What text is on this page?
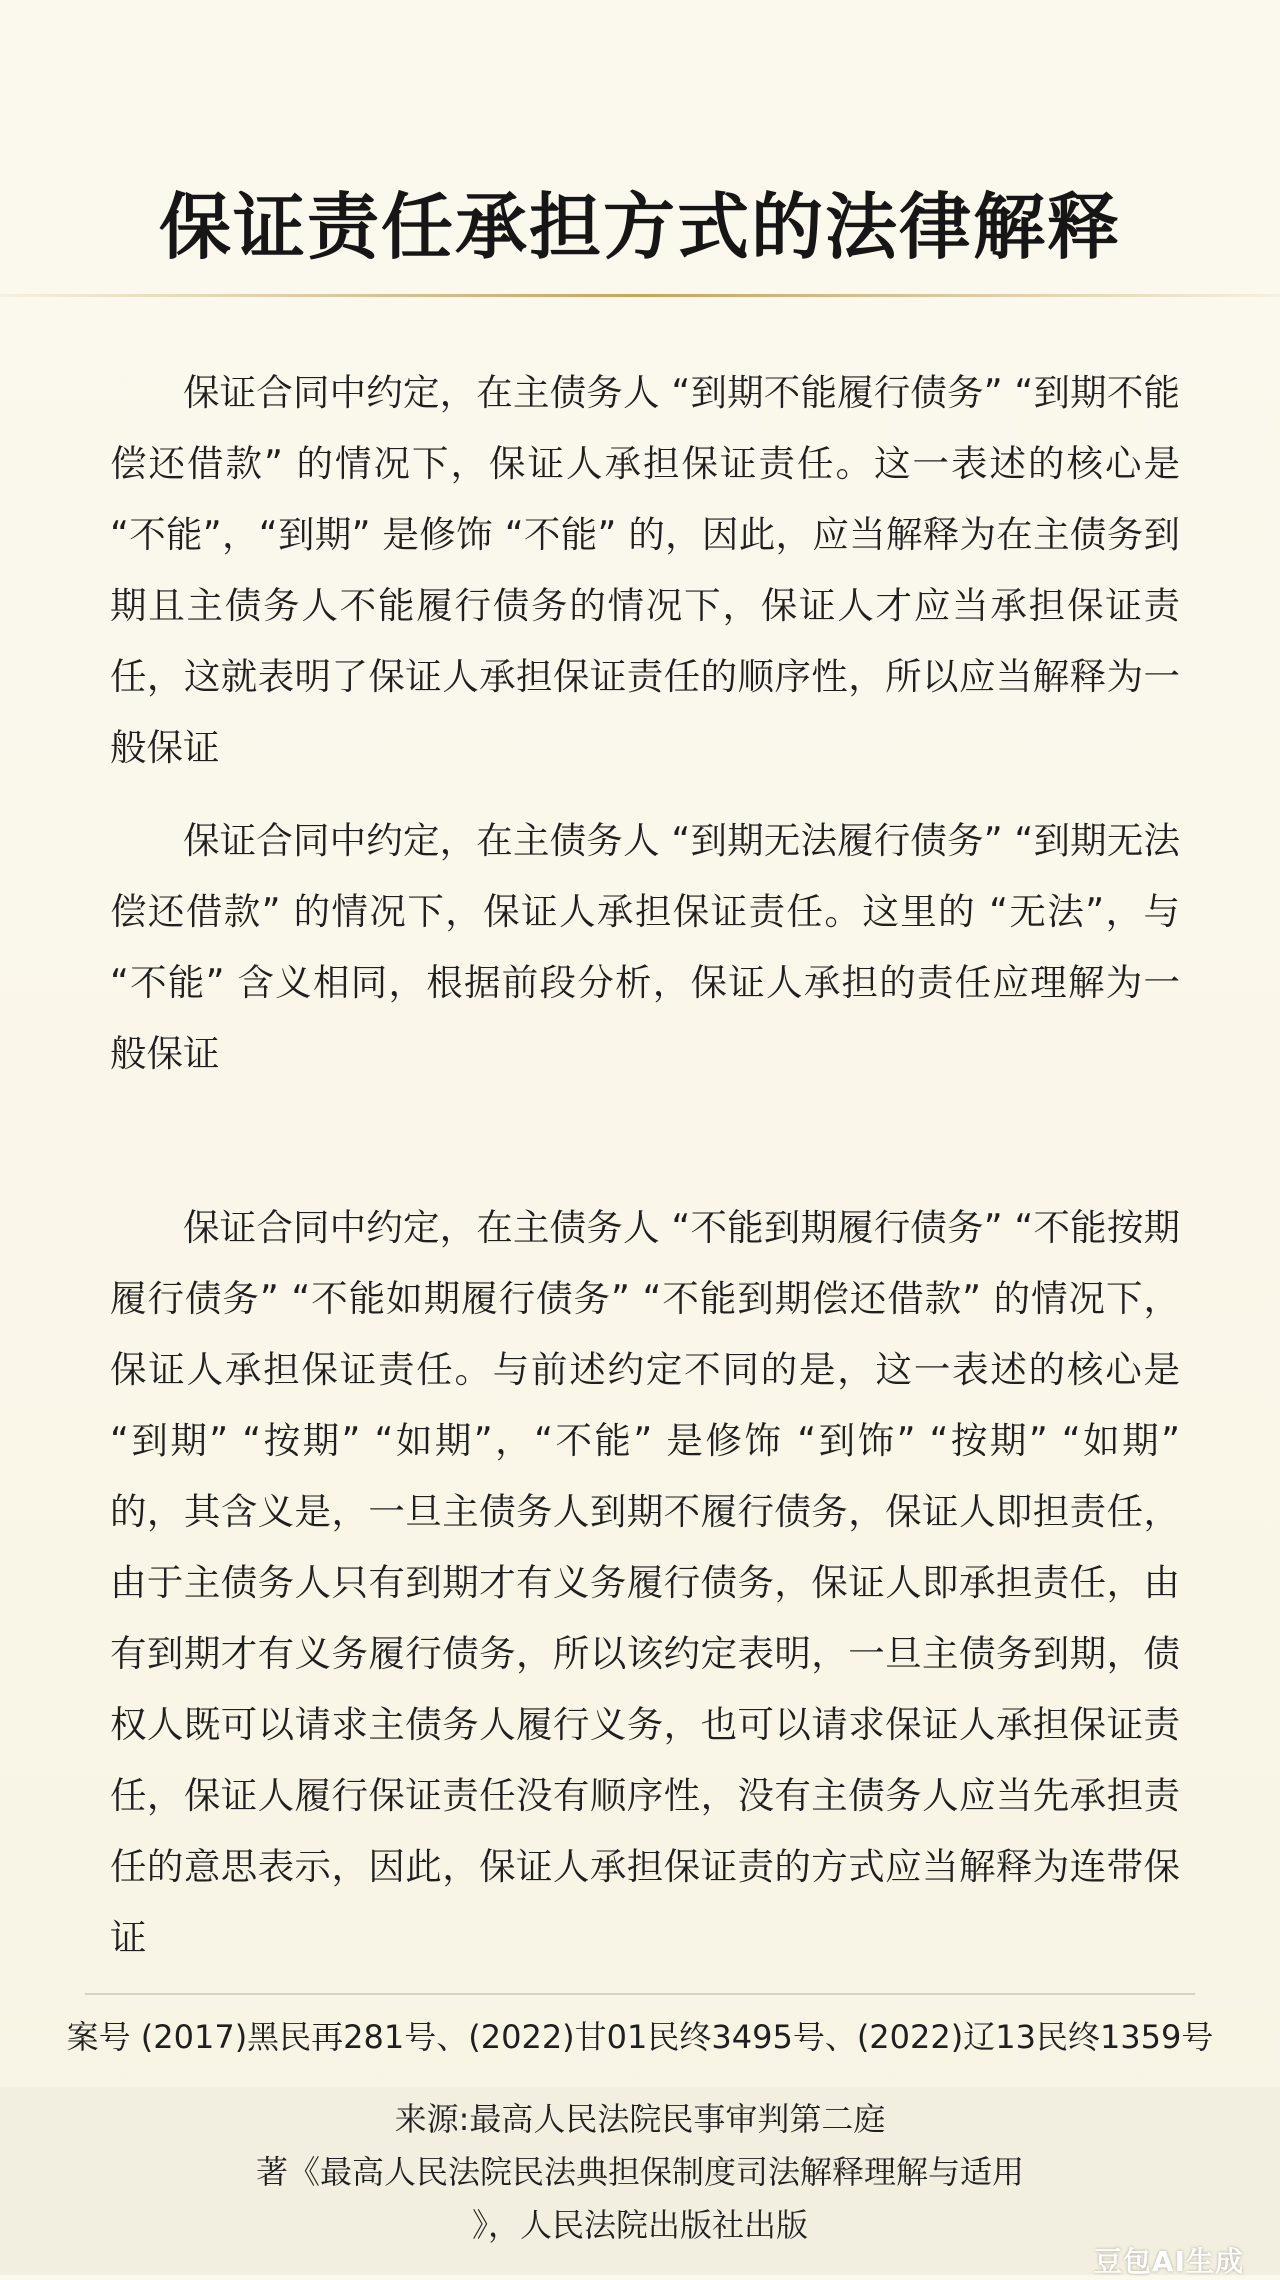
保证责任承担方式的法律解释

保证合同中约定，在主债务人 “到期不能履行债务” “到期不能偿还借款” 的情况下，保证人承担保证责任。这一表述的核心是 “不能”，“到期” 是修饰 “不能” 的，因此，应当解释为在主债务到期且主债务人不能履行债务的情况下，保证人才应当承担保证责任，这就表明了保证人承担保证责任的顺序性，所以应当解释为一般保证

保证合同中约定，在主债务人 “到期无法履行债务” “到期无法偿还借款” 的情况下，保证人承担保证责任。这里的 “无法”，与 “不能” 含义相同，根据前段分析，保证人承担的责任应理解为一般保证

保证合同中约定，在主债务人 “不能到期履行债务” “不能按期履行债务” “不能如期履行债务” “不能到期偿还借款” 的情况下，保证人承担保证责任。与前述约定不同的是，这一表述的核心是 “到期” “按期” “如期”，“不能” 是修饰 “到饰” “按期” “如期” 的，其含义是，一旦主债务人到期不履行债务，保证人即担责任，由于主债务人只有到期才有义务履行债务，保证人即承担责任，由有到期才有义务履行债务，所以该约定表明，一旦主债务到期，债权人既可以请求主债务人履行义务，也可以请求保证人承担保证责任，保证人履行保证责任没有顺序性，没有主债务人应当先承担责任的意思表示，因此，保证人承担保证责的方式应当解释为连带保证

案号 (2017)黑民再281号、(2022)甘01民终3495号、(2022)辽13民终1359号
来源:最高人民法院民事审判第二庭
著《最高人民法院民法典担保制度司法解释理解与适用
》，人民法院出版社出版
豆包AI生成
